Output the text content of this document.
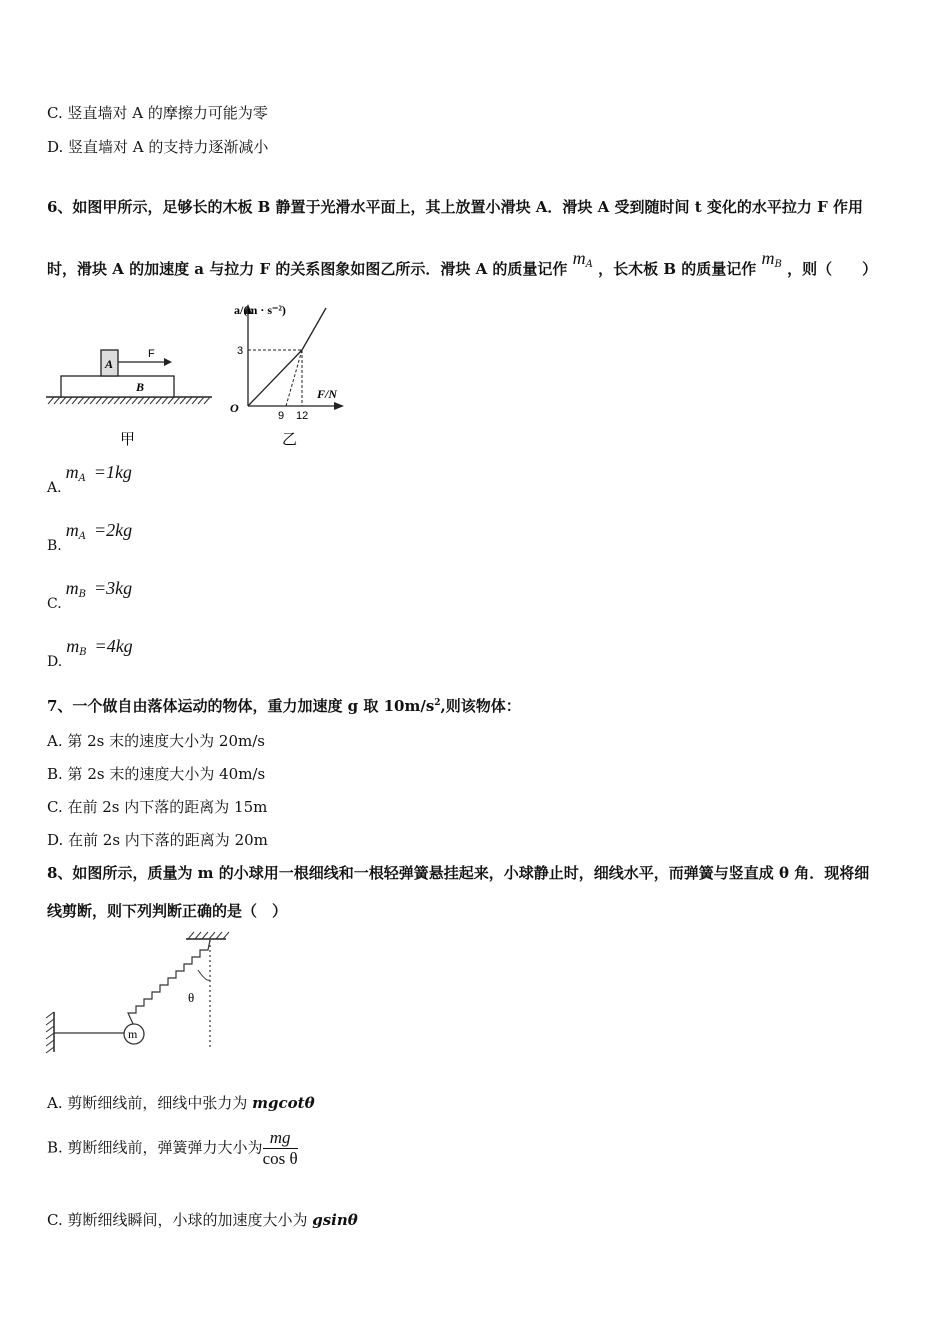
C. 竖直墙对 A 的摩擦力可能为零
D. 竖直墙对 A 的支持力逐渐减小
6、如图甲所示，足够长的木板 B 静置于光滑水平面上，其上放置小滑块 A．滑块 A 受到随时间 t 变化的水平拉力 F 作用
时，滑块 A 的加速度 a 与拉力 F 的关系图象如图乙所示．滑块 A 的质量记作 $m_A$ ，长木板 B 的质量记作 $m_B$ ，则（　　）
B
A
F
甲
a/(m · s⁻²)
F/N
O
3
9 12
乙
$A.m_A =1kg$
$B.m_A =2kg$
$C.m_B =3kg$
$D.m_B =4kg$
7、一个做自由落体运动的物体，重力加速度 g 取 $10m/s^2$,则该物体：
A. 第 2s 末的速度大小为 20m/s
B. 第 2s 末的速度大小为 40m/s
C. 在前 2s 内下落的距离为 15m
D. 在前 2s 内下落的距离为 20m
8、如图所示，质量为 m 的小球用一根细线和一根轻弹簧悬挂起来，小球静止时，细线水平，而弹簧与竖直成 θ 角．现将细
线剪断，则下列判断正确的是（　）
θ
m
A. 剪断细线前，细线中张力为 mgcotθ
B. 剪断细线前，弹簧弹力大小为 $\frac{mg}{\text{cos θ}}$
C. 剪断细线瞬间，小球的加速度大小为 gsinθ
